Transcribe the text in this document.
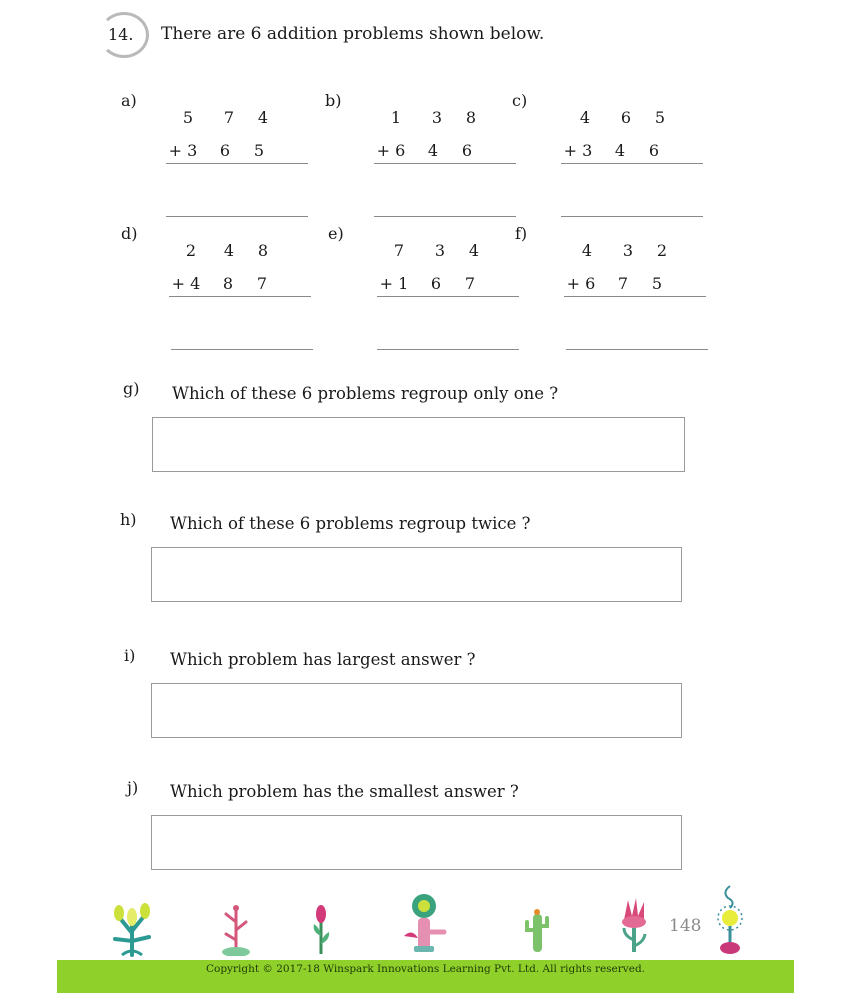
14. There are 6 addition problems shown below.
a)
5	7	4
+ 3	6	5
b)
1	3	8
+ 6	4	6
c)
4	6	5
+ 3	4	6
d)
2	4	8
+ 4	8	7
e)
7	3	4
+ 1	6	7
f)
4	3	2
+ 6	7	5
g) Which of these 6 problems regroup only one ?
h) Which of these 6 problems regroup twice ?
i) Which problem has largest answer ?
j) Which problem has the smallest answer ?
148
Copyright © 2017-18 Winspark Innovations Learning Pvt. Ltd. All rights reserved.
